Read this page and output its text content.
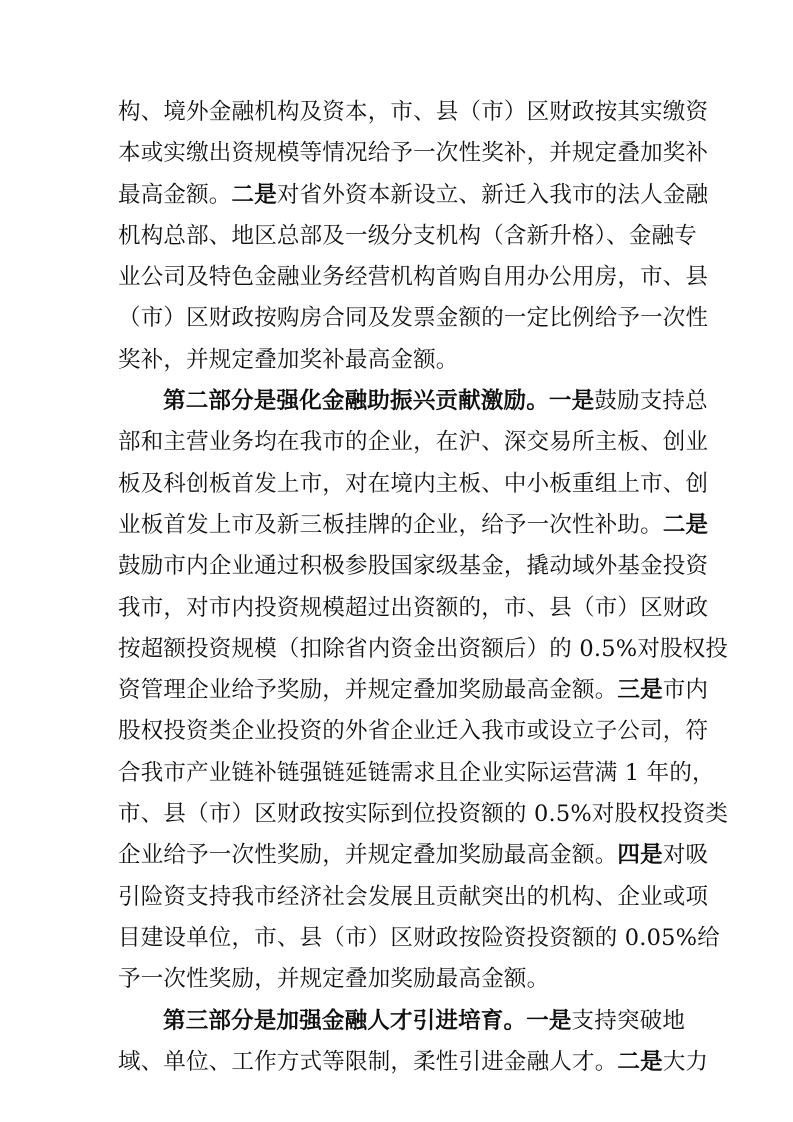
构、境外金融机构及资本，市、县（市）区财政按其实缴资
本或实缴出资规模等情况给予一次性奖补，并规定叠加奖补
最高金额。二是对省外资本新设立、新迁入我市的法人金融
机构总部、地区总部及一级分支机构（含新升格）、金融专
业公司及特色金融业务经营机构首购自用办公用房，市、县
（市）区财政按购房合同及发票金额的一定比例给予一次性
奖补，并规定叠加奖补最高金额。

第二部分是强化金融助振兴贡献激励。一是鼓励支持总
部和主营业务均在我市的企业，在沪、深交易所主板、创业
板及科创板首发上市，对在境内主板、中小板重组上市、创
业板首发上市及新三板挂牌的企业，给予一次性补助。二是
鼓励市内企业通过积极参股国家级基金，撬动域外基金投资
我市，对市内投资规模超过出资额的，市、县（市）区财政
按超额投资规模（扣除省内资金出资额后）的 0.5%对股权投
资管理企业给予奖励，并规定叠加奖励最高金额。三是市内
股权投资类企业投资的外省企业迁入我市或设立子公司，符
合我市产业链补链强链延链需求且企业实际运营满 1 年的，
市、县（市）区财政按实际到位投资额的 0.5%对股权投资类
企业给予一次性奖励，并规定叠加奖励最高金额。四是对吸
引险资支持我市经济社会发展且贡献突出的机构、企业或项
目建设单位，市、县（市）区财政按险资投资额的 0.05%给
予一次性奖励，并规定叠加奖励最高金额。

第三部分是加强金融人才引进培育。一是支持突破地
域、单位、工作方式等限制，柔性引进金融人才。二是大力
